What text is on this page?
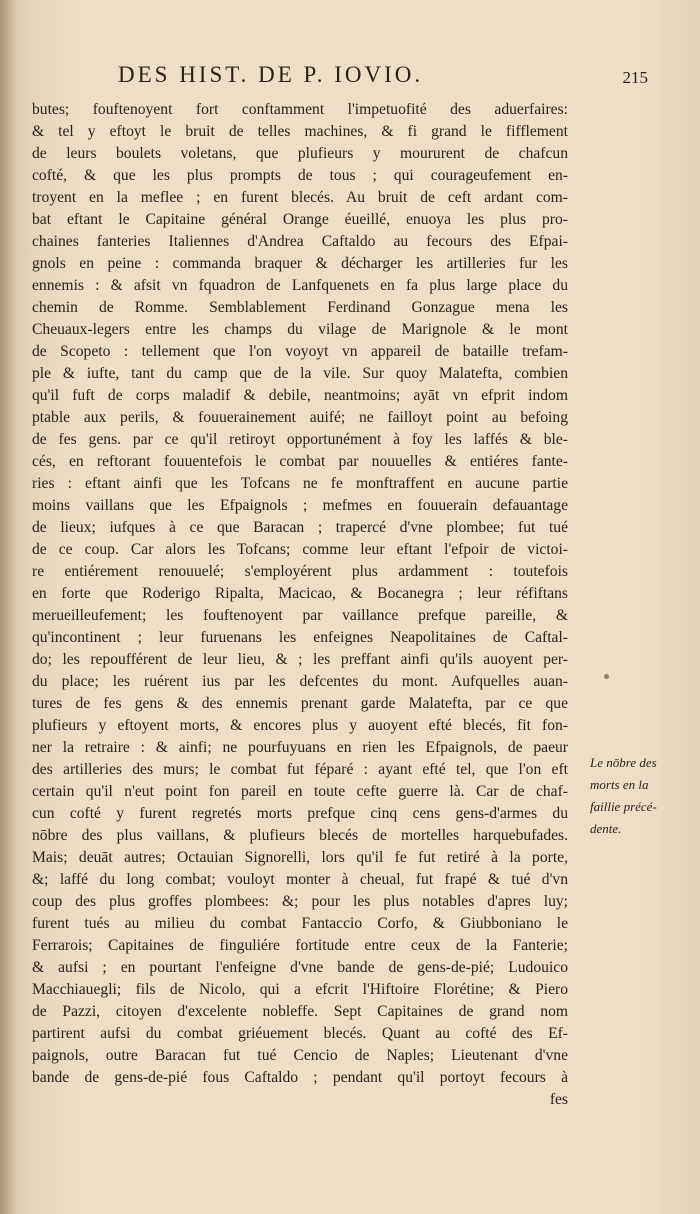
DES HIST. DE P. IOVIO.	215
butes; fouftenoyent fort conftamment l'impetuofité des aduerfaires:
& tel y eftoyt le bruit de telles machines, & fi grand le fifflement
de leurs boulets voletans, que plufieurs y moururent de chafcun
cofté, & que les plus prompts de tous ; qui courageufement en-
troyent en la meflee ; en furent blecés. Au bruit de ceft ardant com-
bat eftant le Capitaine général Orange éueillé, enuoya les plus pro-
chaines fanteries Italiennes d'Andrea Caftaldo au fecours des Efpai-
gnols en peine : commanda braquer & décharger les artilleries fur les
ennemis : & afsit vn fquadron de Lanfquenets en fa plus large place du
chemin de Romme. Semblablement Ferdinand Gonzague mena les
Cheuaux-legers entre les champs du vilage de Marignole & le mont
de Scopeto : tellement que l'on voyoyt vn appareil de bataille trefam-
ple & iufte, tant du camp que de la vile. Sur quoy Malatefta, combien
qu'il fuft de corps maladif & debile, neantmoins; ayāt vn efprit indom
ptable aux perils, & fouuerainement auifé; ne failloyt point au befoing
de fes gens. par ce qu'il retiroyt opportunément à foy les laffés & ble-
cés, en reftorant fouuentefois le combat par nouuelles & entiéres fante-
ries : eftant ainfi que les Tofcans ne fe monftraffent en aucune partie
moins vaillans que les Efpaignols ; mefmes en fouuerain defauantage
de lieux; iufques à ce que Baracan ; trapercé d'vne plombee; fut tué
de ce coup. Car alors les Tofcans; comme leur eftant l'efpoir de victoi-
re entiérement renouuelé; s'employérent plus ardamment : toutefois
en forte que Roderigo Ripalta, Macicao, & Bocanegra ; leur réfiftans
merueilleufement; les fouftenoyent par vaillance prefque pareille, &
qu'incontinent ; leur furuenans les enfeignes Neapolitaines de Caftal-
do; les repoufférent de leur lieu, & ; les preffant ainfi qu'ils auoyent per-
du place; les ruérent ius par les defcentes du mont. Aufquelles auan-
tures de fes gens & des ennemis prenant garde Malatefta, par ce que
plufieurs y eftoyent morts, & encores plus y auoyent efté blecés, fit fon-
ner la retraire : & ainfi; ne pourfuyuans en rien les Efpaignols, de paeur
des artilleries des murs; le combat fut féparé : ayant efté tel, que l'on eft
certain qu'il n'eut point fon pareil en toute cefte guerre là. Car de chaf-
cun cofté y furent regretés morts prefque cinq cens gens-d'armes du
nōbre des plus vaillans, & plufieurs blecés de mortelles harquebufades.
Mais; deuāt autres; Octauian Signorelli, lors qu'il fe fut retiré à la porte,
&; laffé du long combat; vouloyt monter à cheual, fut frapé & tué d'vn
coup des plus groffes plombees: &; pour les plus notables d'apres luy;
furent tués au milieu du combat Fantaccio Corfo, & Giubboniano le
Ferrarois; Capitaines de finguliére fortitude entre ceux de la Fanterie;
& aufsi ; en pourtant l'enfeigne d'vne bande de gens-de-pié; Ludouico
Macchiauegli; fils de Nicolo, qui a efcrit l'Hiftoire Florétine; & Piero
de Pazzi, citoyen d'excelente nobleffe. Sept Capitaines de grand nom
partirent aufsi du combat griéuement blecés. Quant au cofté des Ef-
paignols, outre Baracan fut tué Cencio de Naples; Lieutenant d'vne
bande de gens-de-pié fous Caftaldo ; pendant qu'il portoyt fecours à
fes
Le nōbre des
morts en la
faillie précé-
dente.
